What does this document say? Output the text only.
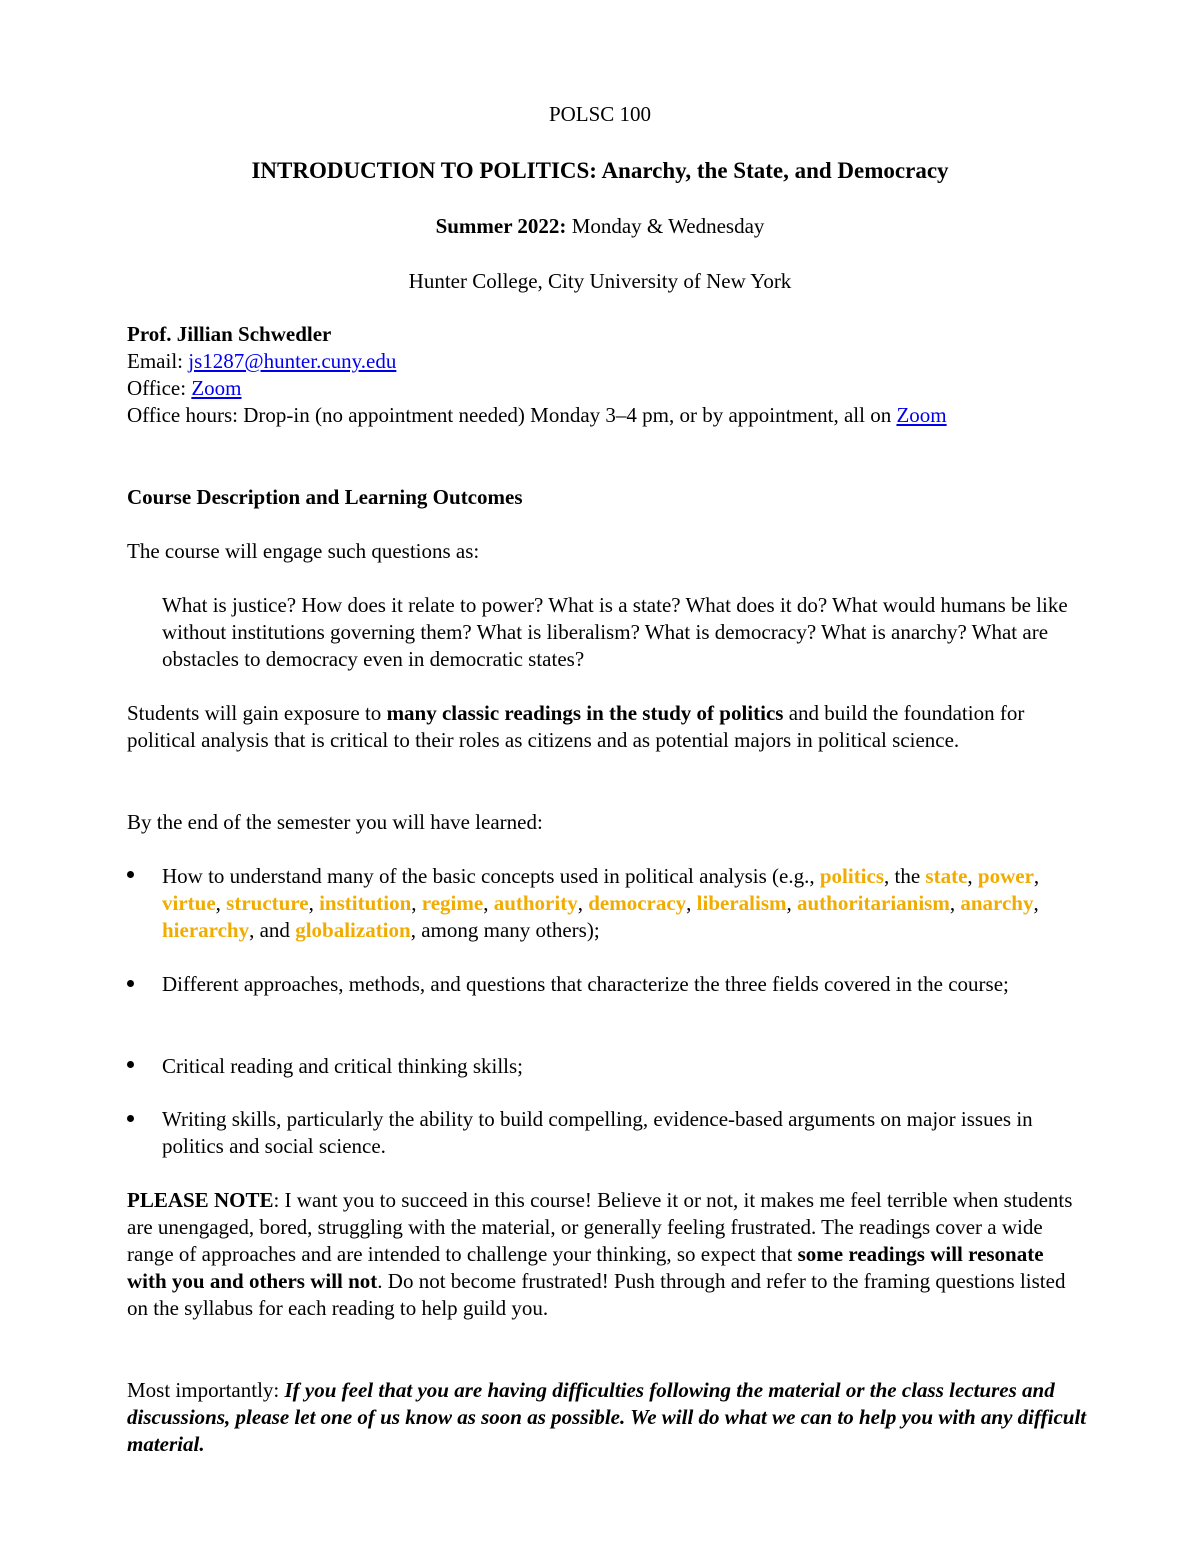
POLSC 100

INTRODUCTION TO POLITICS: Anarchy, the State, and Democracy

Summer 2022: Monday & Wednesday

Hunter College, City University of New York

Prof. Jillian Schwedler

Email: js1287@hunter.cuny.edu

Office: Zoom

Office hours: Drop-in (no appointment needed) Monday 3–4 pm, or by appointment, all on Zoom

Course Description and Learning Outcomes

The course will engage such questions as:

What is justice? How does it relate to power? What is a state? What does it do? What would humans be like without institutions governing them? What is liberalism? What is democracy? What is anarchy? What are obstacles to democracy even in democratic states?

Students will gain exposure to many classic readings in the study of politics and build the foundation for political analysis that is critical to their roles as citizens and as potential majors in political science.

By the end of the semester you will have learned:

How to understand many of the basic concepts used in political analysis (e.g., politics, the state, power, virtue, structure, institution, regime, authority, democracy, liberalism, authoritarianism, anarchy, hierarchy, and globalization, among many others);

Different approaches, methods, and questions that characterize the three fields covered in the course;

Critical reading and critical thinking skills;

Writing skills, particularly the ability to build compelling, evidence-based arguments on major issues in politics and social science.

PLEASE NOTE: I want you to succeed in this course! Believe it or not, it makes me feel terrible when students are unengaged, bored, struggling with the material, or generally feeling frustrated. The readings cover a wide range of approaches and are intended to challenge your thinking, so expect that some readings will resonate with you and others will not. Do not become frustrated! Push through and refer to the framing questions listed on the syllabus for each reading to help guild you.

Most importantly: If you feel that you are having difficulties following the material or the class lectures and discussions, please let one of us know as soon as possible. We will do what we can to help you with any difficult material.
